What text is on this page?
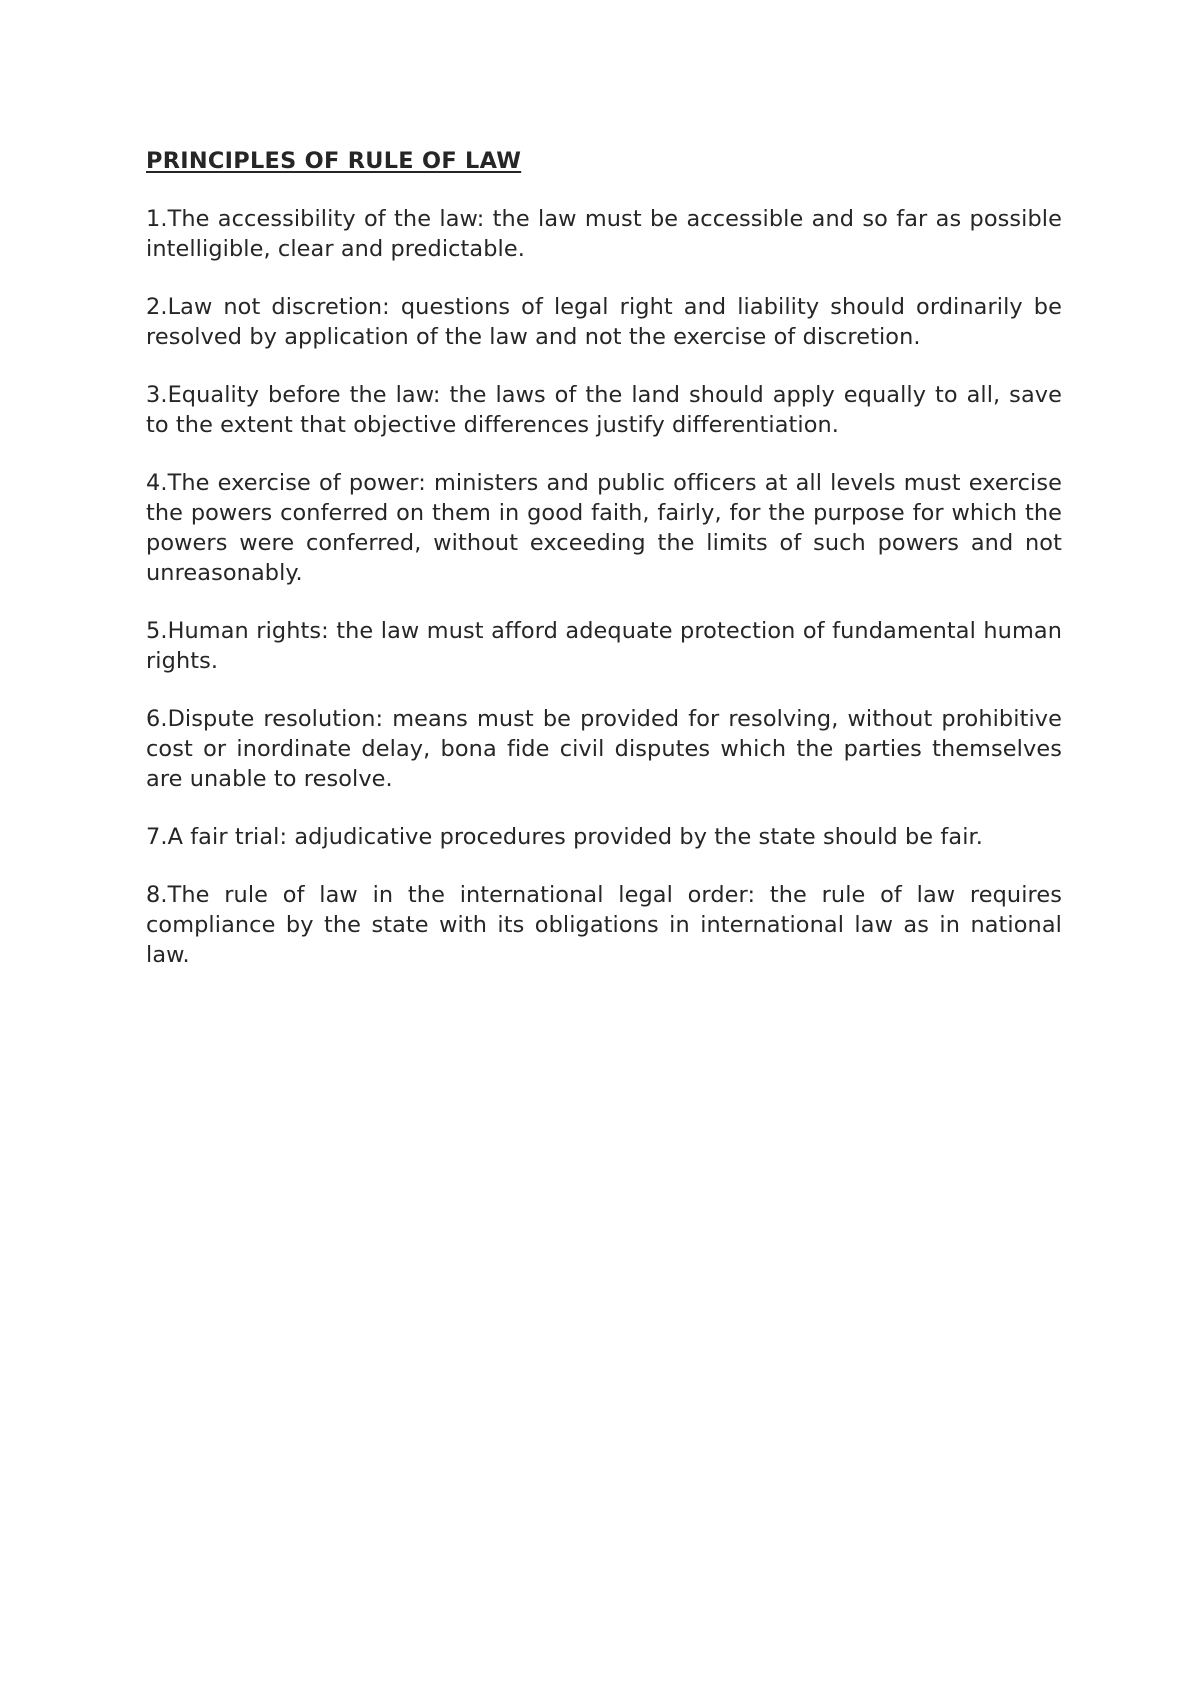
PRINCIPLES OF RULE OF LAW

1.The accessibility of the law: the law must be accessible and so far as possible intelligible, clear and predictable.

2.Law not discretion: questions of legal right and liability should ordinarily be resolved by application of the law and not the exercise of discretion.

3.Equality before the law: the laws of the land should apply equally to all, save to the extent that objective differences justify differentiation.

4.The exercise of power: ministers and public officers at all levels must exercise the powers conferred on them in good faith, fairly, for the purpose for which the powers were conferred, without exceeding the limits of such powers and not unreasonably.

5.Human rights: the law must afford adequate protection of fundamental human rights.

6.Dispute resolution: means must be provided for resolving, without prohibitive cost or inordinate delay, bona fide civil disputes which the parties themselves are unable to resolve.

7.A fair trial: adjudicative procedures provided by the state should be fair.

8.The rule of law in the international legal order: the rule of law requires compliance by the state with its obligations in international law as in national law.
